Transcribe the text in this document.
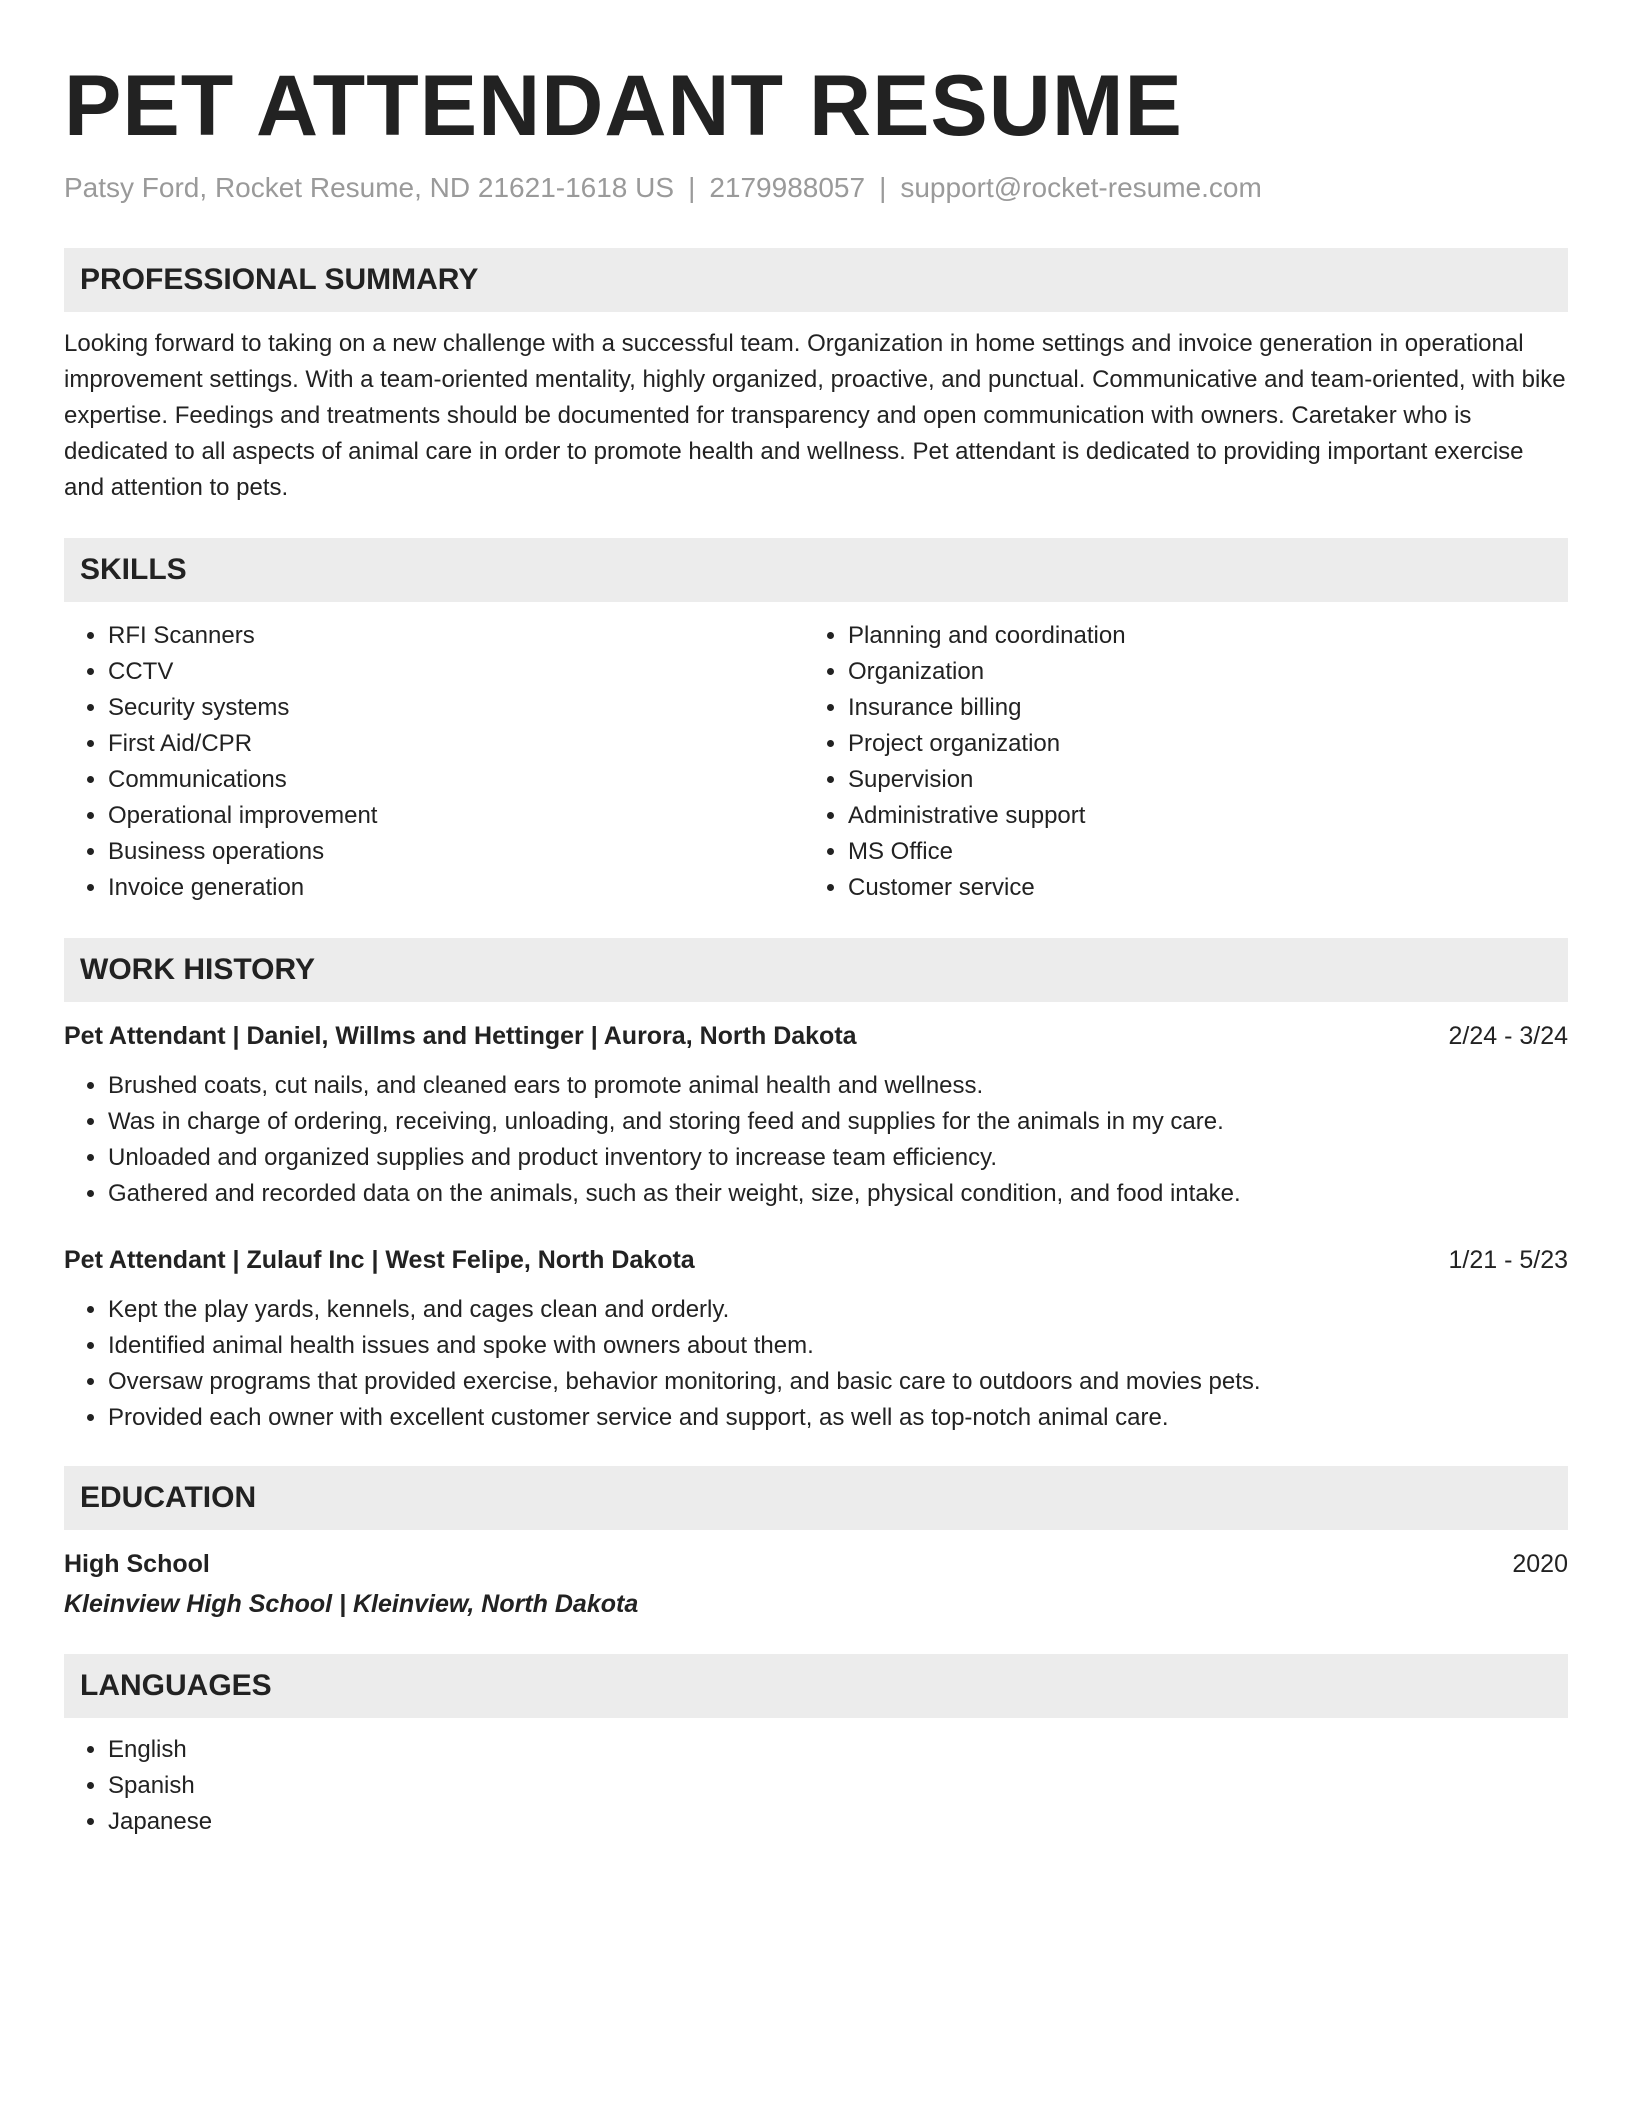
PET ATTENDANT RESUME
Patsy Ford, Rocket Resume, ND 21621-1618 US | 2179988057 | support@rocket-resume.com
PROFESSIONAL SUMMARY

Looking forward to taking on a new challenge with a successful team. Organization in home settings and invoice generation in operational improvement settings. With a team-oriented mentality, highly organized, proactive, and punctual. Communicative and team-oriented, with bike expertise. Feedings and treatments should be documented for transparency and open communication with owners. Caretaker who is dedicated to all aspects of animal care in order to promote health and wellness. Pet attendant is dedicated to providing important exercise and attention to pets.

SKILLS
• RFI Scanners
• CCTV
• Security systems
• First Aid/CPR
• Communications
• Operational improvement
• Business operations
• Invoice generation
• Planning and coordination
• Organization
• Insurance billing
• Project organization
• Supervision
• Administrative support
• MS Office
• Customer service
WORK HISTORY
Pet Attendant | Daniel, Willms and Hettinger | Aurora, North Dakota	2/24 - 3/24
• Brushed coats, cut nails, and cleaned ears to promote animal health and wellness.
• Was in charge of ordering, receiving, unloading, and storing feed and supplies for the animals in my care.
• Unloaded and organized supplies and product inventory to increase team efficiency.
• Gathered and recorded data on the animals, such as their weight, size, physical condition, and food intake.
Pet Attendant | Zulauf Inc | West Felipe, North Dakota	1/21 - 5/23
• Kept the play yards, kennels, and cages clean and orderly.
• Identified animal health issues and spoke with owners about them.
• Oversaw programs that provided exercise, behavior monitoring, and basic care to outdoors and movies pets.
• Provided each owner with excellent customer service and support, as well as top-notch animal care.
EDUCATION
High School	2020
Kleinview High School | Kleinview, North Dakota
LANGUAGES
• English
• Spanish
• Japanese
